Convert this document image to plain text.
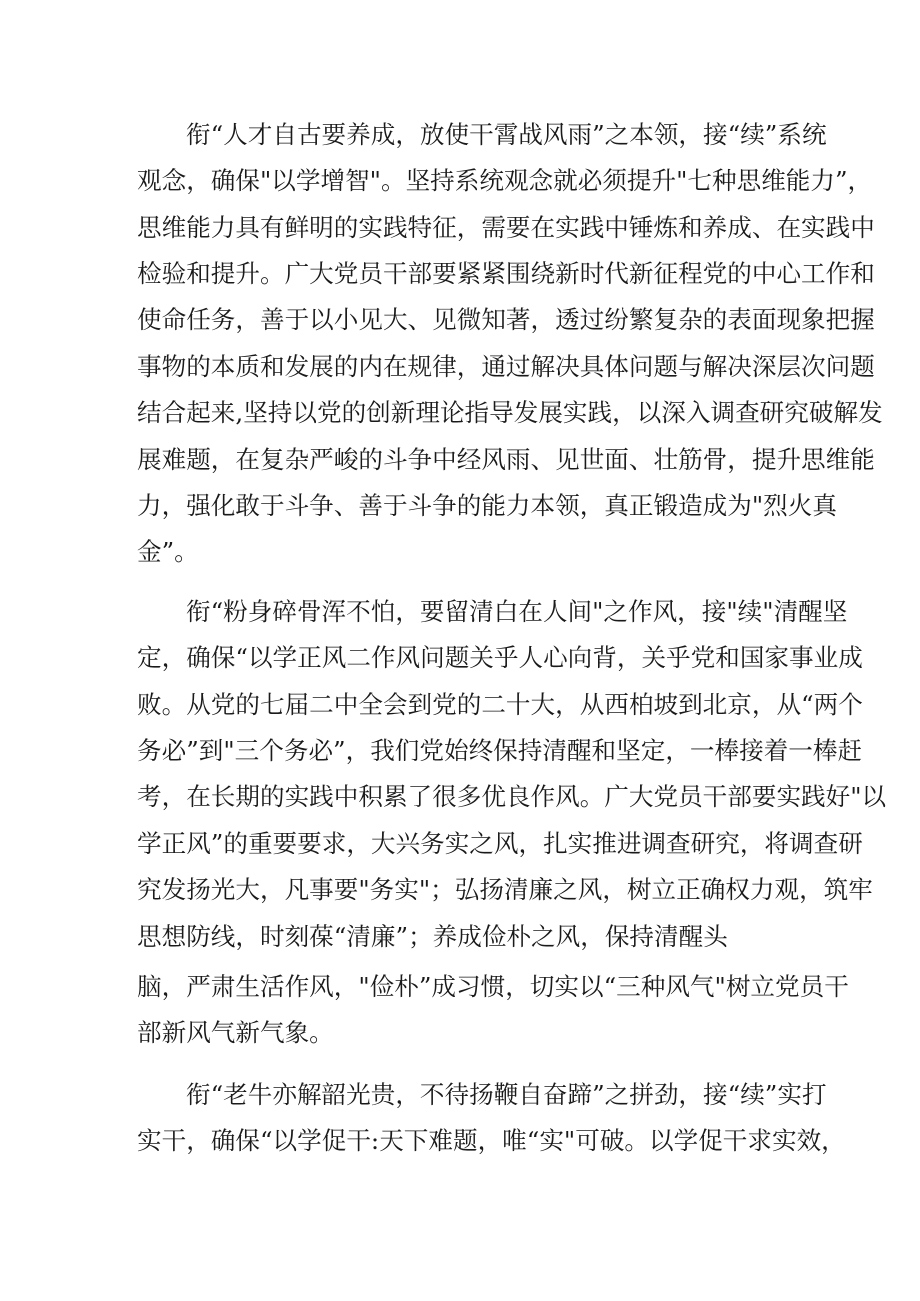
衔“人才自古要养成，放使干霄战风雨”之本领，接“续”系统
观念，确保"以学增智"。坚持系统观念就必须提升"七种思维能力”，
思维能力具有鲜明的实践特征，需要在实践中锤炼和养成、在实践中
检验和提升。广大党员干部要紧紧围绕新时代新征程党的中心工作和
使命任务，善于以小见大、见微知著，透过纷繁复杂的表面现象把握
事物的本质和发展的内在规律，通过解决具体问题与解决深层次问题
结合起来,坚持以党的创新理论指导发展实践，以深入调查研究破解发
展难题，在复杂严峻的斗争中经风雨、见世面、壮筋骨，提升思维能
力，强化敢于斗争、善于斗争的能力本领，真正锻造成为"烈火真
金”。
衔“粉身碎骨浑不怕，要留清白在人间"之作风，接"续"清醒坚
定，确保“以学正风二作风问题关乎人心向背，关乎党和国家事业成
败。从党的七届二中全会到党的二十大，从西柏坡到北京，从“两个
务必”到"三个务必”，我们党始终保持清醒和坚定，一棒接着一棒赶
考，在长期的实践中积累了很多优良作风。广大党员干部要实践好"以
学正风”的重要要求，大兴务实之风，扎实推进调查研究，将调查研
究发扬光大，凡事要"务实"；弘扬清廉之风，树立正确权力观，筑牢
思想防线，时刻葆“清廉”；养成俭朴之风，保持清醒头
脑，严肃生活作风，"俭朴”成习惯，切实以“三种风气"树立党员干
部新风气新气象。
衔“老牛亦解韶光贵，不待扬鞭自奋蹄”之拼劲，接“续”实打
实干，确保“以学促干:天下难题，唯“实"可破。以学促干求实效，
